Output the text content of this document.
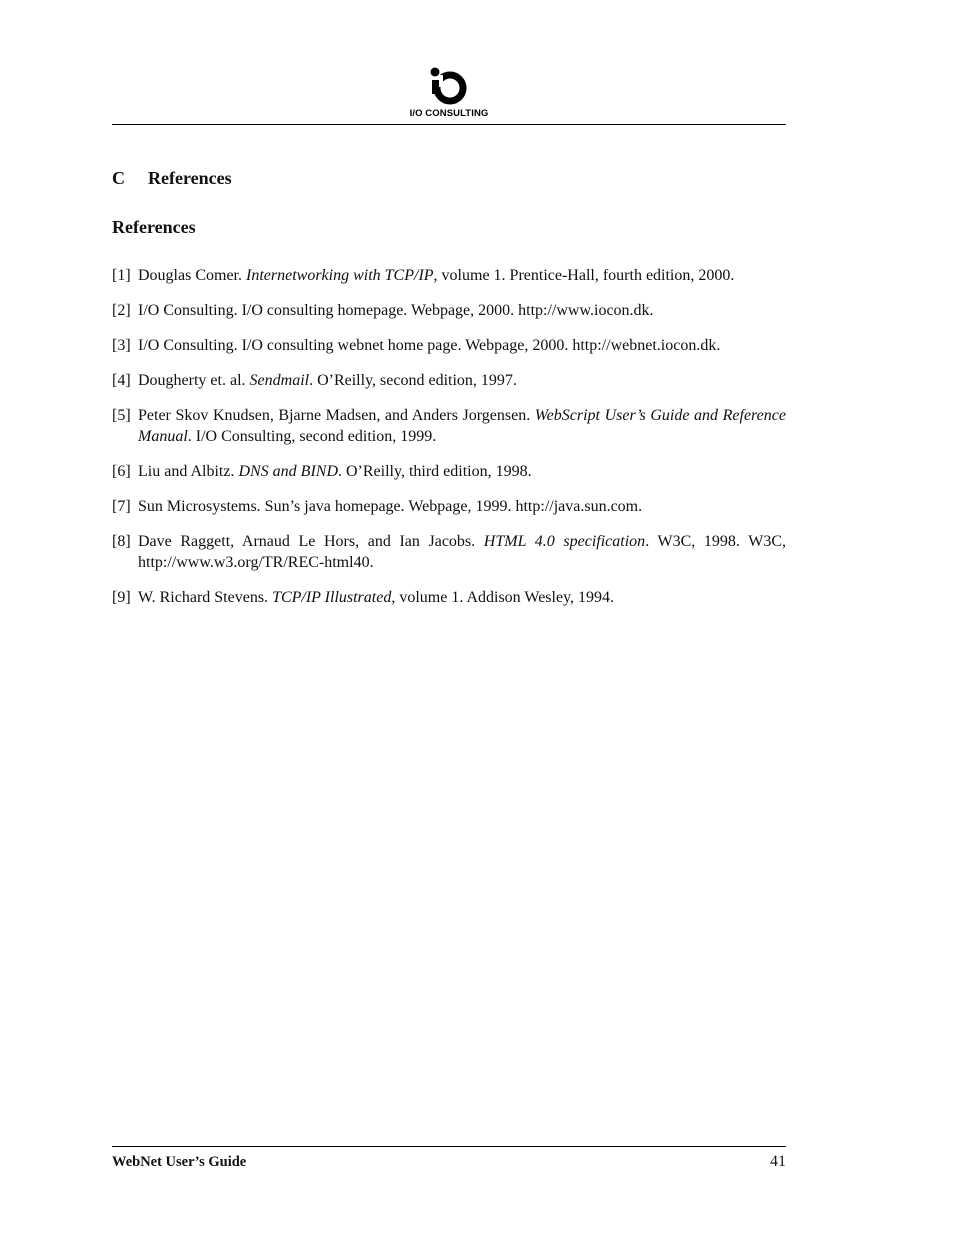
I/O CONSULTING
C References
References
[1] Douglas Comer. Internetworking with TCP/IP, volume 1. Prentice-Hall, fourth edition, 2000.
[2] I/O Consulting. I/O consulting homepage. Webpage, 2000. http://www.iocon.dk.
[3] I/O Consulting. I/O consulting webnet home page. Webpage, 2000. http://webnet.iocon.dk.
[4] Dougherty et. al. Sendmail. O’Reilly, second edition, 1997.
[5] Peter Skov Knudsen, Bjarne Madsen, and Anders Jorgensen. WebScript User’s Guide and Reference Manual. I/O Consulting, second edition, 1999.
[6] Liu and Albitz. DNS and BIND. O’Reilly, third edition, 1998.
[7] Sun Microsystems. Sun’s java homepage. Webpage, 1999. http://java.sun.com.
[8] Dave Raggett, Arnaud Le Hors, and Ian Jacobs. HTML 4.0 specification. W3C, 1998. W3C, http://www.w3.org/TR/REC-html40.
[9] W. Richard Stevens. TCP/IP Illustrated, volume 1. Addison Wesley, 1994.
WebNet User’s Guide	41
